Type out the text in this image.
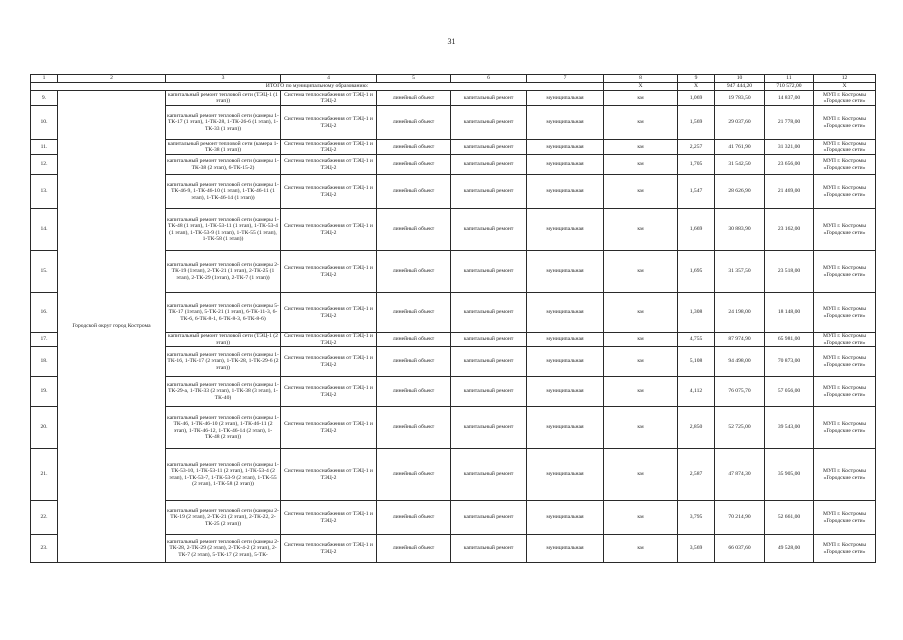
31
1	2	3	4	5	6	7	8	9	10	11	12
ИТОГО по муниципальному образованию:							X	X	947 444,20	710 572,00	X
9.	Городской округ город Кострома	капитальный ремонт тепловой сети (ТЭЦ-1 (1 этап))	Система теплоснабжения от ТЭЦ-1 и ТЭЦ-2	линейный объект	капитальный ремонт	муниципальная	км	1,069	19 783,50	14 837,00	МУП г. Костромы «Городские сети»
10.		капитальный ремонт тепловой сети (камеры 1-ТК-17 (1 этап), 1-ТК-28, 1-ТК-26-6 (1 этап), 1-ТК-33 (1 этап))	Система теплоснабжения от ТЭЦ-1 и ТЭЦ-2	линейный объект	капитальный ремонт	муниципальная	км	1,569	29 037,60	21 778,00	МУП г. Костромы «Городские сети»
11.		капитальный ремонт тепловой сети (камера 1-ТК-38 (1 этап))	Система теплоснабжения от ТЭЦ-1 и ТЭЦ-2	линейный объект	капитальный ремонт	муниципальная	км	2,257	41 761,90	31 321,00	МУП г. Костромы «Городские сети»
12.		капитальный ремонт тепловой сети (камеры 1-ТК-38 (2 этап), 6-ТК-15-2)	Система теплоснабжения от ТЭЦ-1 и ТЭЦ-2	линейный объект	капитальный ремонт	муниципальная	км	1,705	31 542,50	23 656,00	МУП г. Костромы «Городские сети»
13.		капитальный ремонт тепловой сети (камеры 1-ТК-46-9, 1-ТК-46-10 (1 этап), 1-ТК-46-11 (1 этап), 1-ТК-46-14 (1 этап))	Система теплоснабжения от ТЭЦ-1 и ТЭЦ-2	линейный объект	капитальный ремонт	муниципальная	км	1,547	28 626,90	21 469,00	МУП г. Костромы «Городские сети»
14.		капитальный ремонт тепловой сети (камеры 1-ТК-48 (1 этап), 1-ТК-53-11 (1 этап), 1-ТК-53-4 (1 этап), 1-ТК-53-9 (1 этап), 1-ТК-55 (1 этап), 1-ТК-58 (1 этап))	Система теплоснабжения от ТЭЦ-1 и ТЭЦ-2	линейный объект	капитальный ремонт	муниципальная	км	1,669	30 883,90	23 162,00	МУП г. Костромы «Городские сети»
15.		капитальный ремонт тепловой сети (камеры 2-ТК-19 (1этап), 2-ТК-21 (1 этап), 2-ТК-25 (1 этап), 2-ТК-29 (1этап), 2-ТК-7 (1 этап))	Система теплоснабжения от ТЭЦ-1 и ТЭЦ-2	линейный объект	капитальный ремонт	муниципальная	км	1,695	31 357,50	23 518,00	МУП г. Костромы «Городские сети»
16.		капитальный ремонт тепловой сети (камеры 5-ТК-17 (1этап), 5-ТК-21 (1 этап), 6-ТК-11-3, 6-ТК-6, 6-ТК-8-1, 6-ТК-8-3, 6-ТК-8-6)	Система теплоснабжения от ТЭЦ-1 и ТЭЦ-2	линейный объект	капитальный ремонт	муниципальная	км	1,308	24 198,00	18 148,00	МУП г. Костромы «Городские сети»
17.		капитальный ремонт тепловой сети (ТЭЦ-1 (2 этап))	Система теплоснабжения от ТЭЦ-1 и ТЭЦ-2	линейный объект	капитальный ремонт	муниципальная	км	4,755	87 974,90	65 981,00	МУП г. Костромы «Городские сети»
18.		капитальный ремонт тепловой сети (камеры 1-ТК-16, 1-ТК-17 (2 этап), 1-ТК-28, 1-ТК-29-6 (2 этап))	Система теплоснабжения от ТЭЦ-1 и ТЭЦ-2	линейный объект	капитальный ремонт	муниципальная	км	5,108	94 498,00	70 873,00	МУП г. Костромы «Городские сети»
19.		капитальный ремонт тепловой сети (камеры 1-ТК-29-а, 1-ТК-33 (2 этап), 1-ТК-38 (3 этап), 1-ТК-40)	Система теплоснабжения от ТЭЦ-1 и ТЭЦ-2	линейный объект	капитальный ремонт	муниципальная	км	4,112	76 075,70	57 056,00	МУП г. Костромы «Городские сети»
20.		капитальный ремонт тепловой сети (камеры 1-ТК-46, 1-ТК-46-10 (2 этап), 1-ТК-46-11 (2 этап), 1-ТК-46-12, 1-ТК-46-14 (2 этап), 1-ТК-48 (2 этап))	Система теплоснабжения от ТЭЦ-1 и ТЭЦ-2	линейный объект	капитальный ремонт	муниципальная	км	2,850	52 725,00	39 543,00	МУП г. Костромы «Городские сети»
21.		капитальный ремонт тепловой сети (камеры 1-ТК-53-10, 1-ТК-53-11 (2 этап), 1-ТК-53-4 (2 этап), 1-ТК-53-7, 1-ТК-53-9 (2 этап), 1-ТК-55 (2 этап), 1-ТК-58 (2 этап))	Система теплоснабжения от ТЭЦ-1 и ТЭЦ-2	линейный объект	капитальный ремонт	муниципальная	км	2,587	47 874,30	35 905,00	МУП г. Костромы «Городские сети»
22.		капитальный ремонт тепловой сети (камеры 2-ТК-19 (2 этап), 2-ТК-21 (2 этап), 2-ТК-22, 2-ТК-25 (2 этап))	Система теплоснабжения от ТЭЦ-1 и ТЭЦ-2	линейный объект	капитальный ремонт	муниципальная	км	3,795	70 214,90	52 661,00	МУП г. Костромы «Городские сети»
23.		капитальный ремонт тепловой сети (камеры 2-ТК-28, 2-ТК-29 (2 этап), 2-ТК-4-2 (2 этап), 2-ТК-7 (2 этап), 5-ТК-17 (2 этап), 5-ТК-	Система теплоснабжения от ТЭЦ-1 и ТЭЦ-2	линейный объект	капитальный ремонт	муниципальная	км	3,569	66 037,60	49 528,00	МУП г. Костромы «Городские сети»
